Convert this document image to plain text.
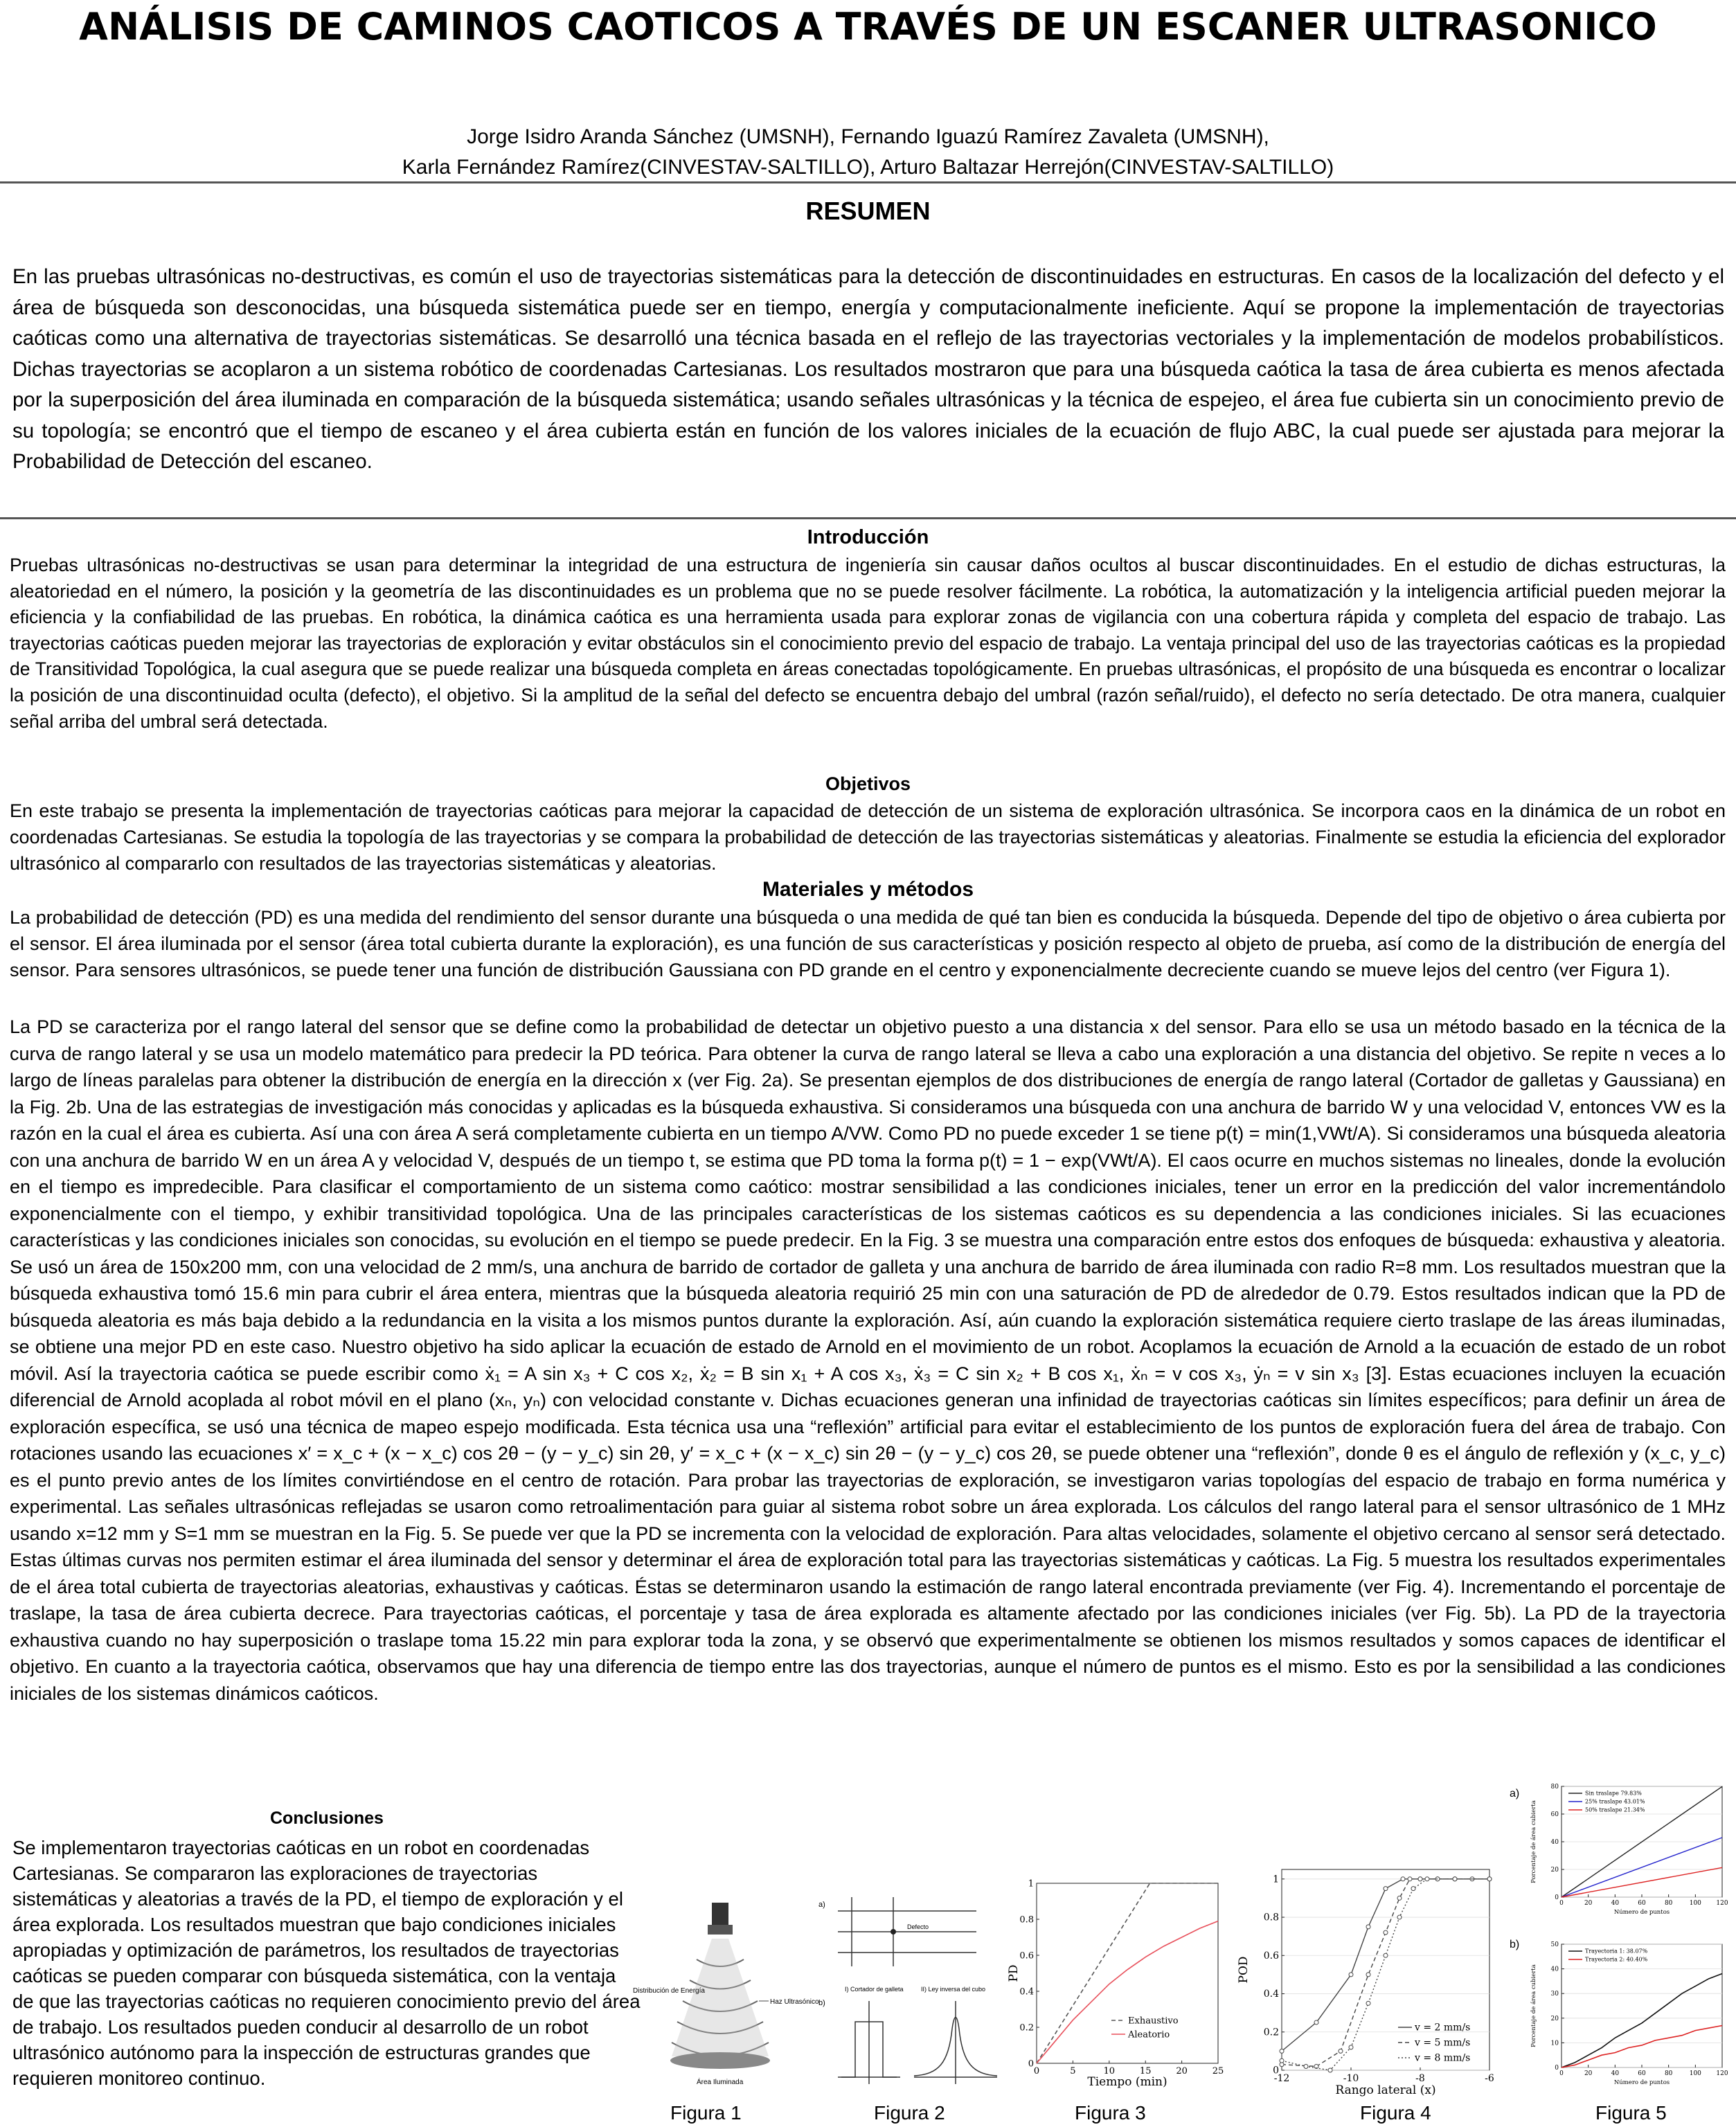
ANÁLISIS DE CAMINOS CAOTICOS A TRAVÉS DE UN ESCANER ULTRASONICO
Jorge Isidro Aranda Sánchez (UMSNH), Fernando Iguazú Ramírez Zavaleta (UMSNH),
Karla Fernández Ramírez(CINVESTAV-SALTILLO), Arturo Baltazar Herrejón(CINVESTAV-SALTILLO)
RESUMEN
En las pruebas ultrasónicas no-destructivas, es común el uso de trayectorias sistemáticas para la detección de discontinuidades en estructuras. En casos de la localización del defecto y el área de búsqueda son desconocidas, una búsqueda sistemática puede ser en tiempo, energía y computacionalmente ineficiente. Aquí se propone la implementación de trayectorias caóticas como una alternativa de trayectorias sistemáticas. Se desarrolló una técnica basada en el reflejo de las trayectorias vectoriales y la implementación de modelos probabilísticos. Dichas trayectorias se acoplaron a un sistema robótico de coordenadas Cartesianas. Los resultados mostraron que para una búsqueda caótica la tasa de área cubierta es menos afectada por la superposición del área iluminada en comparación de la búsqueda sistemática; usando señales ultrasónicas y la técnica de espejeo, el área fue cubierta sin un conocimiento previo de su topología; se encontró que el tiempo de escaneo y el área cubierta están en función de los valores iniciales de la ecuación de flujo ABC, la cual puede ser ajustada para mejorar la Probabilidad de Detección del escaneo.
Introducción
Pruebas ultrasónicas no-destructivas se usan para determinar la integridad de una estructura de ingeniería sin causar daños ocultos al buscar discontinuidades. En el estudio de dichas estructuras, la aleatoriedad en el número, la posición y la geometría de las discontinuidades es un problema que no se puede resolver fácilmente. La robótica, la automatización y la inteligencia artificial pueden mejorar la eficiencia y la confiabilidad de las pruebas. En robótica, la dinámica caótica es una herramienta usada para explorar zonas de vigilancia con una cobertura rápida y completa del espacio de trabajo. Las trayectorias caóticas pueden mejorar las trayectorias de exploración y evitar obstáculos sin el conocimiento previo del espacio de trabajo. La ventaja principal del uso de las trayectorias caóticas es la propiedad de Transitividad Topológica, la cual asegura que se puede realizar una búsqueda completa en áreas conectadas topológicamente. En pruebas ultrasónicas, el propósito de una búsqueda es encontrar o localizar la posición de una discontinuidad oculta (defecto), el objetivo. Si la amplitud de la señal del defecto se encuentra debajo del umbral (razón señal/ruido), el defecto no sería detectado. De otra manera, cualquier señal arriba del umbral será detectada.
Objetivos
En este trabajo se presenta la implementación de trayectorias caóticas para mejorar la capacidad de detección de un sistema de exploración ultrasónica. Se incorpora caos en la dinámica de un robot en coordenadas Cartesianas. Se estudia la topología de las trayectorias y se compara la probabilidad de detección de las trayectorias sistemáticas y aleatorias. Finalmente se estudia la eficiencia del explorador ultrasónico al compararlo con resultados de las trayectorias sistemáticas y aleatorias.
Materiales y métodos
La probabilidad de detección (PD) es una medida del rendimiento del sensor durante una búsqueda o una medida de qué tan bien es conducida la búsqueda. Depende del tipo de objetivo o área cubierta por el sensor. El área iluminada por el sensor (área total cubierta durante la exploración), es una función de sus características y posición respecto al objeto de prueba, así como de la distribución de energía del sensor. Para sensores ultrasónicos, se puede tener una función de distribución Gaussiana con PD grande en el centro y exponencialmente decreciente cuando se mueve lejos del centro (ver Figura 1).
La PD se caracteriza por el rango lateral del sensor que se define como la probabilidad de detectar un objetivo puesto a una distancia x del sensor. Para ello se usa un método basado en la técnica de la curva de rango lateral y se usa un modelo matemático para predecir la PD teórica. Para obtener la curva de rango lateral se lleva a cabo una exploración a una distancia del objetivo. Se repite n veces a lo largo de líneas paralelas para obtener la distribución de energía en la dirección x (ver Fig. 2a). Se presentan ejemplos de dos distribuciones de energía de rango lateral (Cortador de galletas y Gaussiana) en la Fig. 2b. Una de las estrategias de investigación más conocidas y aplicadas es la búsqueda exhaustiva. Si consideramos una búsqueda con una anchura de barrido W y una velocidad V, entonces VW es la razón en la cual el área es cubierta. Así una con área A será completamente cubierta en un tiempo A/VW. Como PD no puede exceder 1 se tiene p(t) = min(1,VWt/A). Si consideramos una búsqueda aleatoria con una anchura de barrido W en un área A y velocidad V, después de un tiempo t, se estima que PD toma la forma p(t) = 1 − exp(VWt/A). El caos ocurre en muchos sistemas no lineales, donde la evolución en el tiempo es impredecible. Para clasificar el comportamiento de un sistema como caótico: mostrar sensibilidad a las condiciones iniciales, tener un error en la predicción del valor incrementándolo exponencialmente con el tiempo, y exhibir transitividad topológica. Una de las principales características de los sistemas caóticos es su dependencia a las condiciones iniciales. Si las ecuaciones características y las condiciones iniciales son conocidas, su evolución en el tiempo se puede predecir. En la Fig. 3 se muestra una comparación entre estos dos enfoques de búsqueda: exhaustiva y aleatoria. Se usó un área de 150x200 mm, con una velocidad de 2 mm/s, una anchura de barrido de cortador de galleta y una anchura de barrido de área iluminada con radio R=8 mm. Los resultados muestran que la búsqueda exhaustiva tomó 15.6 min para cubrir el área entera, mientras que la búsqueda aleatoria requirió 25 min con una saturación de PD de alrededor de 0.79. Estos resultados indican que la PD de búsqueda aleatoria es más baja debido a la redundancia en la visita a los mismos puntos durante la exploración. Así, aún cuando la exploración sistemática requiere cierto traslape de las áreas iluminadas, se obtiene una mejor PD en este caso. Nuestro objetivo ha sido aplicar la ecuación de estado de Arnold en el movimiento de un robot. Acoplamos la ecuación de Arnold a la ecuación de estado de un robot móvil. Así la trayectoria caótica se puede escribir como ẋ₁ = A sin x₃ + C cos x₂, ẋ₂ = B sin x₁ + A cos x₃, ẋ₃ = C sin x₂ + B cos x₁, ẋₙ = v cos x₃, ẏₙ = v sin x₃ [3]. Estas ecuaciones incluyen la ecuación diferencial de Arnold acoplada al robot móvil en el plano (xₙ, yₙ) con velocidad constante v. Dichas ecuaciones generan una infinidad de trayectorias caóticas sin límites específicos; para definir un área de exploración específica, se usó una técnica de mapeo espejo modificada. Esta técnica usa una “reflexión” artificial para evitar el establecimiento de los puntos de exploración fuera del área de trabajo. Con rotaciones usando las ecuaciones x′ = x_c + (x − x_c) cos 2θ − (y − y_c) sin 2θ, y′ = x_c + (x − x_c) sin 2θ − (y − y_c) cos 2θ, se puede obtener una “reflexión”, donde θ es el ángulo de reflexión y (x_c, y_c) es el punto previo antes de los límites convirtiéndose en el centro de rotación. Para probar las trayectorias de exploración, se investigaron varias topologías del espacio de trabajo en forma numérica y experimental. Las señales ultrasónicas reflejadas se usaron como retroalimentación para guiar al sistema robot sobre un área explorada. Los cálculos del rango lateral para el sensor ultrasónico de 1 MHz usando x=12 mm y S=1 mm se muestran en la Fig. 5. Se puede ver que la PD se incrementa con la velocidad de exploración. Para altas velocidades, solamente el objetivo cercano al sensor será detectado. Estas últimas curvas nos permiten estimar el área iluminada del sensor y determinar el área de exploración total para las trayectorias sistemáticas y caóticas. La Fig. 5 muestra los resultados experimentales de el área total cubierta de trayectorias aleatorias, exhaustivas y caóticas. Éstas se determinaron usando la estimación de rango lateral encontrada previamente (ver Fig. 4). Incrementando el porcentaje de traslape, la tasa de área cubierta decrece. Para trayectorias caóticas, el porcentaje y tasa de área explorada es altamente afectado por las condiciones iniciales (ver Fig. 5b). La PD de la trayectoria exhaustiva cuando no hay superposición o traslape toma 15.22 min para explorar toda la zona, y se observó que experimentalmente se obtienen los mismos resultados y somos capaces de identificar el objetivo. En cuanto a la trayectoria caótica, observamos que hay una diferencia de tiempo entre las dos trayectorias, aunque el número de puntos es el mismo. Esto es por la sensibilidad a las condiciones iniciales de los sistemas dinámicos caóticos.
Conclusiones
Se implementaron trayectorias caóticas en un robot en coordenadas Cartesianas. Se compararon las exploraciones de trayectorias sistemáticas y aleatorias a través de la PD, el tiempo de exploración y el área explorada. Los resultados muestran que bajo condiciones iniciales apropiadas y optimización de parámetros, los resultados de trayectorias caóticas se pueden comparar con búsqueda sistemática, con la ventaja de que las trayectorias caóticas no requieren conocimiento previo del área de trabajo. Los resultados pueden conducir al desarrollo de un robot ultrasónico autónomo para la inspección de estructuras grandes que requieren monitoreo continuo.
Haz Ultrasónico
Distribución de Energía
Área Iluminada
Figura 1
a)
Defecto
b)
I) Cortador de galleta	II) Ley inversa del cubo
Figura 2
0	5	10	15	20	25
0
0.2
0.4
0.6
0.8
1
Tiempo (min)
PD
Exhaustivo
Aleatorio
Figura 3
-12	-10	-8	-6
0
0.2
0.4
0.6
0.8
1
Rango lateral (x)
POD
v = 2 mm/s
v = 5 mm/s
v = 8 mm/s
Figura 4
a)
0	20	40	60	80	100 120
0
20
40
60
80
Número de puntos
Porcentaje de área cubierta
Sin traslape 79.83%
25% traslape 43.01%
50% traslape 21.34%
b)
0	20	40	60	80	100 120
0
10
20
30
40
50
Número de puntos
Porcentaje de área cubierta
Trayectoria 1: 38.07%
Trayectoria 2: 40.40%
Figura 5
